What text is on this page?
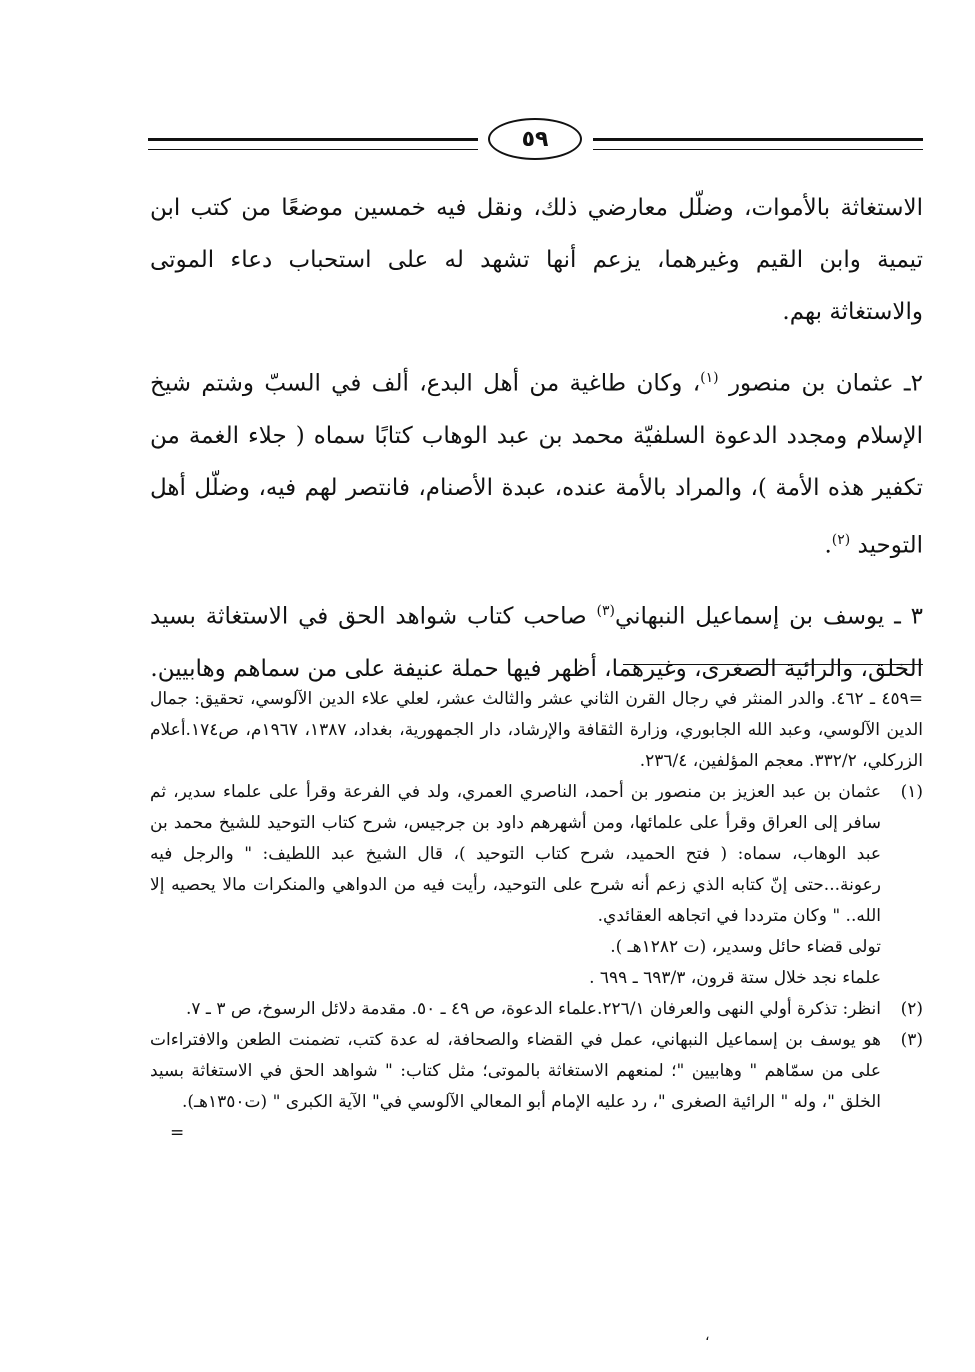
٥٩

الاستغاثة بالأموات، وضلّل معارضي ذلك، ونقل فيه خمسين موضعًا من كتب ابن تيمية وابن القيم وغيرهما، يزعم أنها تشهد له على استحباب دعاء الموتى والاستغاثة بهم.

٢ـ عثمان بن منصور $^{(١)}$، وكان طاغية من أهل البدع، ألف في السبّ وشتم شيخ الإسلام ومجدد الدعوة السلفيّة محمد بن عبد الوهاب كتابًا سماه ( جلاء الغمة من تكفير هذه الأمة )، والمراد بالأمة عنده، عبدة الأصنام، فانتصر لهم فيه، وضلّل أهل التوحيد $^{(٢)}$.

٣ ـ يوسف بن إسماعيل النبهاني$^{(٣)}$ صاحب كتاب شواهد الحق في الاستغاثة بسيد الخلق، والرائية الصغرى، وغيرهما، أظهر فيها حملة عنيفة على من سماهم وهابيين.

=٤٥٩ ـ ٤٦٢. والدر المنثر في رجال القرن الثاني عشر والثالث عشر، لعلي علاء الدين الآلوسي، تحقيق: جمال الدين الآلوسي، وعبد الله الجابوري، وزارة الثقافة والإرشاد، دار الجمهورية، بغداد، ١٣٨٧، ١٩٦٧م، ص١٧٤.أعلام الزركلي، ٣٣٢/٢. معجم المؤلفين، ٢٣٦/٤.
(١)
عثمان بن عبد العزيز بن منصور بن أحمد، الناصري العمري، ولد في الفرعة وقرأ على علماء سدير، ثم سافر إلى العراق وقرأ على علمائها، ومن أشهرهم داود بن جرجيس، شرح كتاب التوحيد للشيخ محمد بن عبد الوهاب، سماه: ( فتح الحميد، شرح كتاب التوحيد )، قال الشيخ عبد اللطيف: " والرجل فيه رعونة...حتى إنّ كتابه الذي زعم أنه شرح على التوحيد، رأيت فيه من الدواهي والمنكرات مالا يحصيه إلا الله.. " وكان مترددا في اتجاهه العقائدي.
تولى قضاء حائل وسدير، (ت ١٢٨٢هـ ).
علماء نجد خلال ستة قرون، ٦٩٣/٣ ـ ٦٩٩ .
(٢)
انظر: تذكرة أولي النهى والعرفان ٢٢٦/١.علماء الدعوة، ص ٤٩ ـ ٥٠. مقدمة دلائل الرسوخ، ص ٣ ـ ٧.
(٣)
هو يوسف بن إسماعيل النبهاني، عمل في القضاء والصحافة، له عدة كتب، تضمنت الطعن والافتراءات على من سمّاهم " وهابيين "؛ لمنعهم الاستغاثة بالموتى؛ مثل كتاب: " شواهد الحق في الاستغاثة بسيد الخلق "، وله " الرائية الصغرى "، رد عليه الإمام أبو المعالي الآلوسي في" الآية الكبرى " (ت١٣٥٠هـ).
=
،
